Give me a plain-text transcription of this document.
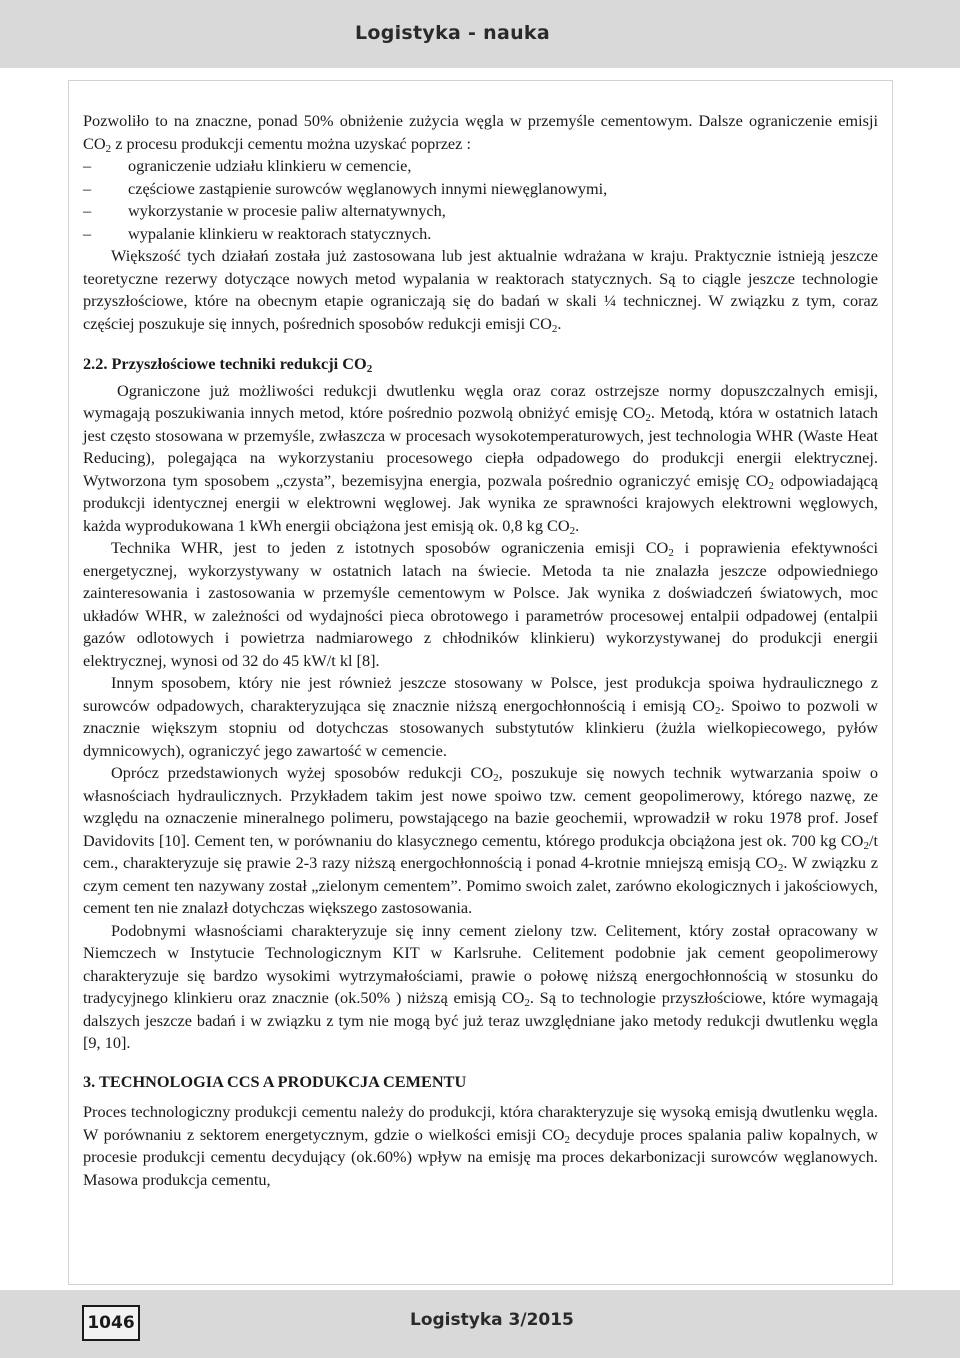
Logistyka - nauka

Pozwoliło to na znaczne, ponad 50% obniżenie zużycia węgla w przemyśle cementowym. Dalsze ograniczenie emisji $CO_2$ z procesu produkcji cementu można uzyskać poprzez :

– ograniczenie udziału klinkieru w cemencie,

– częściowe zastąpienie surowców węglanowych innymi niewęglanowymi,

– wykorzystanie w procesie paliw alternatywnych,

– wypalanie klinkieru w reaktorach statycznych.

Większość tych działań została już zastosowana lub jest aktualnie wdrażana w kraju. Praktycznie istnieją jeszcze teoretyczne rezerwy dotyczące nowych metod wypalania w reaktorach statycznych. Są to ciągle jeszcze technologie przyszłościowe, które na obecnym etapie ograniczają się do badań w skali ¼ technicznej. W związku z tym, coraz częściej poszukuje się innych, pośrednich sposobów redukcji emisji $CO_2$.

2.2. Przyszłościowe techniki redukcji $CO_2$

Ograniczone już możliwości redukcji dwutlenku węgla oraz coraz ostrzejsze normy dopuszczalnych emisji, wymagają poszukiwania innych metod, które pośrednio pozwolą obniżyć emisję $CO_2$. Metodą, która w ostatnich latach jest często stosowana w przemyśle, zwłaszcza w procesach wysokotemperaturowych, jest technologia WHR (Waste Heat Reducing), polegająca na wykorzystaniu procesowego ciepła odpadowego do produkcji energii elektrycznej. Wytworzona tym sposobem „czysta”, bezemisyjna energia, pozwala pośrednio ograniczyć emisję $CO_2$ odpowiadającą produkcji identycznej energii w elektrowni węglowej. Jak wynika ze sprawności krajowych elektrowni węglowych, każda wyprodukowana 1 kWh energii obciążona jest emisją ok. 0,8 kg $CO_2$.

Technika WHR, jest to jeden z istotnych sposobów ograniczenia emisji $CO_2$ i poprawienia efektywności energetycznej, wykorzystywany w ostatnich latach na świecie. Metoda ta nie znalazła jeszcze odpowiedniego zainteresowania i zastosowania w przemyśle cementowym w Polsce. Jak wynika z doświadczeń światowych, moc układów WHR, w zależności od wydajności pieca obrotowego i parametrów procesowej entalpii odpadowej (entalpii gazów odlotowych i powietrza nadmiarowego z chłodników klinkieru) wykorzystywanej do produkcji energii elektrycznej, wynosi od 32 do 45 kW/t kl [8].

Innym sposobem, który nie jest również jeszcze stosowany w Polsce, jest produkcja spoiwa hydraulicznego z surowców odpadowych, charakteryzująca się znacznie niższą energochłonnością i emisją $CO_2$. Spoiwo to pozwoli w znacznie większym stopniu od dotychczas stosowanych substytutów klinkieru (żużla wielkopiecowego, pyłów dymnicowych), ograniczyć jego zawartość w cemencie.

Oprócz przedstawionych wyżej sposobów redukcji $CO_2$, poszukuje się nowych technik wytwarzania spoiw o własnościach hydraulicznych. Przykładem takim jest nowe spoiwo tzw. cement geopolimerowy, którego nazwę, ze względu na oznaczenie mineralnego polimeru, powstającego na bazie geochemii, wprowadził w roku 1978 prof. Josef Davidovits [10]. Cement ten, w porównaniu do klasycznego cementu, którego produkcja obciążona jest ok. 700 kg $CO_2/t$ cem., charakteryzuje się prawie 2-3 razy niższą energochłonnością i ponad 4-krotnie mniejszą emisją $CO_2$. W związku z czym cement ten nazywany został „zielonym cementem”. Pomimo swoich zalet, zarówno ekologicznych i jakościowych, cement ten nie znalazł dotychczas większego zastosowania.

Podobnymi własnościami charakteryzuje się inny cement zielony tzw. Celitement, który został opracowany w Niemczech w Instytucie Technologicznym KIT w Karlsruhe. Celitement podobnie jak cement geopolimerowy charakteryzuje się bardzo wysokimi wytrzymałościami, prawie o połowę niższą energochłonnością w stosunku do tradycyjnego klinkieru oraz znacznie (ok.50% ) niższą emisją $CO_2$. Są to technologie przyszłościowe, które wymagają dalszych jeszcze badań i w związku z tym nie mogą być już teraz uwzględniane jako metody redukcji dwutlenku węgla [9, 10].

3. TECHNOLOGIA CCS A PRODUKCJA CEMENTU

Proces technologiczny produkcji cementu należy do produkcji, która charakteryzuje się wysoką emisją dwutlenku węgla. W porównaniu z sektorem energetycznym, gdzie o wielkości emisji $CO_2$ decyduje proces spalania paliw kopalnych, w procesie produkcji cementu decydujący (ok.60%) wpływ na emisję ma proces dekarbonizacji surowców węglanowych. Masowa produkcja cementu,

1046	Logistyka 3/2015
